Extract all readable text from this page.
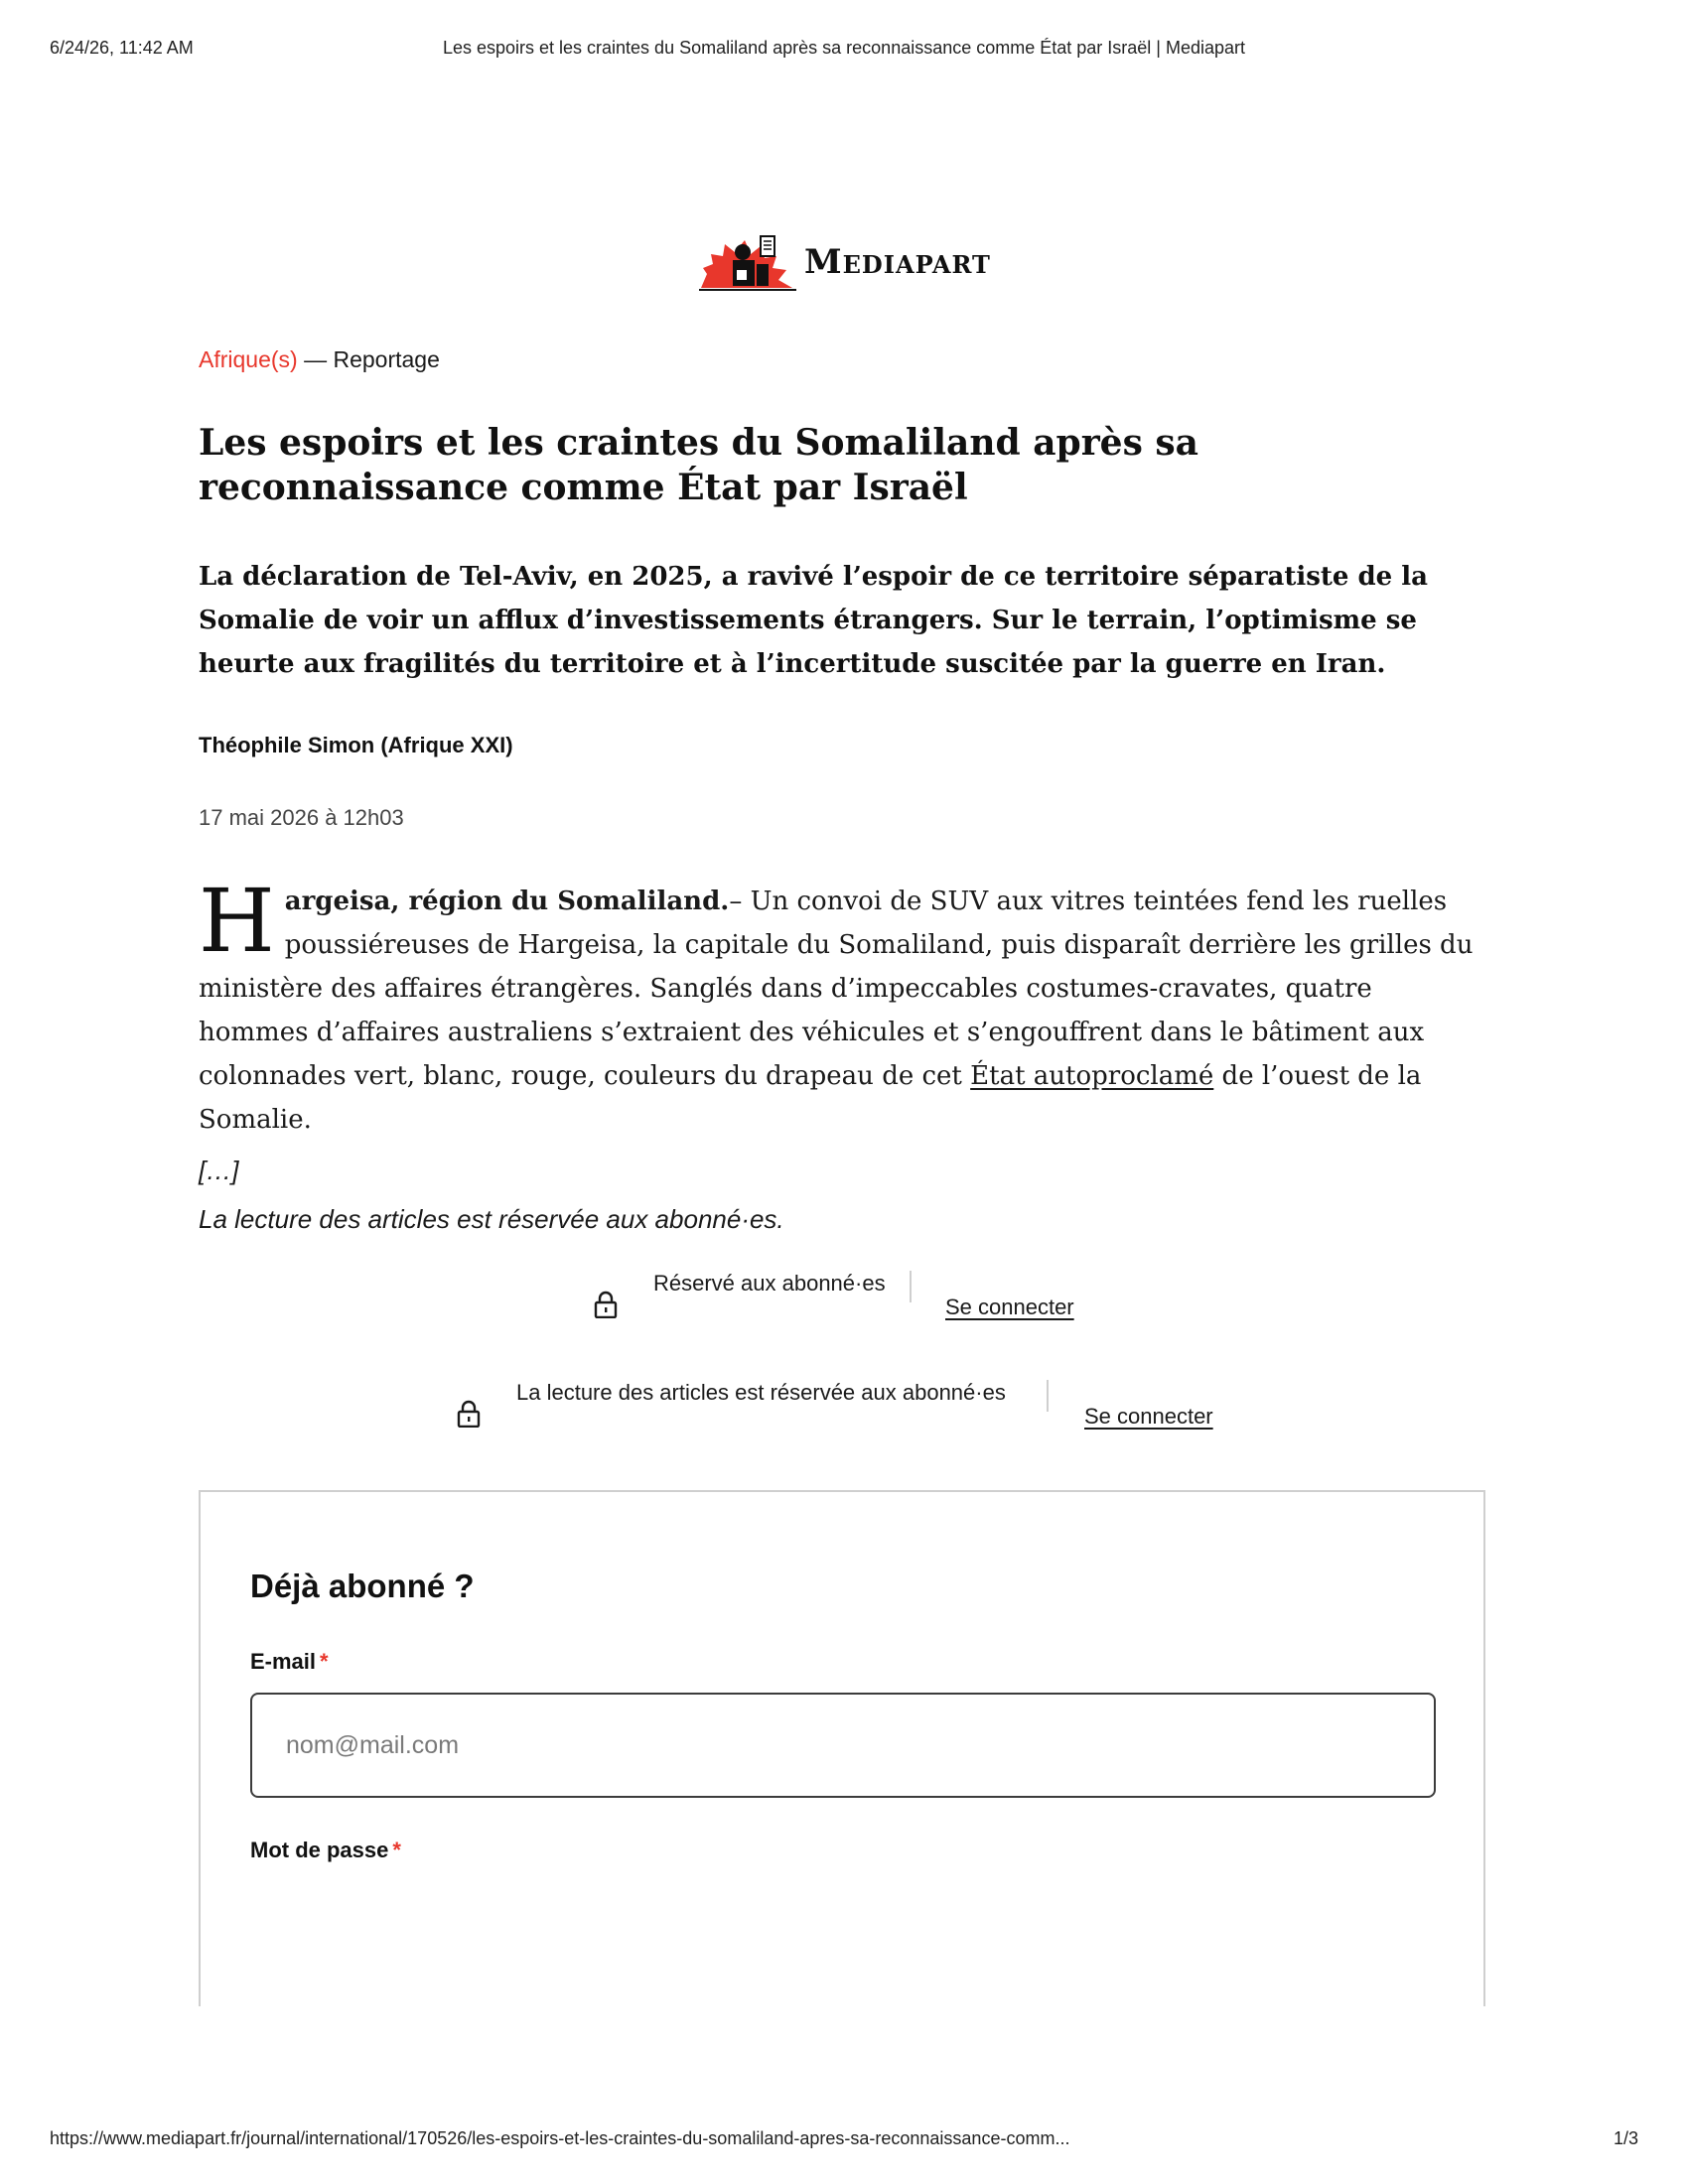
6/24/26, 11:42 AM	Les espoirs et les craintes du Somaliland après sa reconnaissance comme État par Israël | Mediapart
Mediapart
Afrique(s) — Reportage
Les espoirs et les craintes du Somaliland après sa reconnaissance comme État par Israël

La déclaration de Tel-Aviv, en 2025, a ravivé l’espoir de ce territoire séparatiste de la Somalie de voir un afflux d’investissements étrangers. Sur le terrain, l’optimisme se heurte aux fragilités du territoire et à l’incertitude suscitée par la guerre en Iran.

Théophile Simon (Afrique XXI)
17 mai 2026 à 12h03

Hargeisa, région du Somaliland.– Un convoi de SUV aux vitres teintées fend les ruelles poussiéreuses de Hargeisa, la capitale du Somaliland, puis disparaît derrière les grilles du ministère des affaires étrangères. Sanglés dans d’impeccables costumes-cravates, quatre hommes d’affaires australiens s’extraient des véhicules et s’engouffrent dans le bâtiment aux colonnades vert, blanc, rouge, couleurs du drapeau de cet État autoproclamé de l’ouest de la Somalie.

[…]
La lecture des articles est réservée aux abonné·es.
Réservé aux abonné·es
Se connecter
La lecture des articles est réservée aux abonné·es
Se connecter
Déjà abonné ?
E-mail *
nom@mail.com
Mot de passe *
https://www.mediapart.fr/journal/international/170526/les-espoirs-et-les-craintes-du-somaliland-apres-sa-reconnaissance-comm...	1/3
